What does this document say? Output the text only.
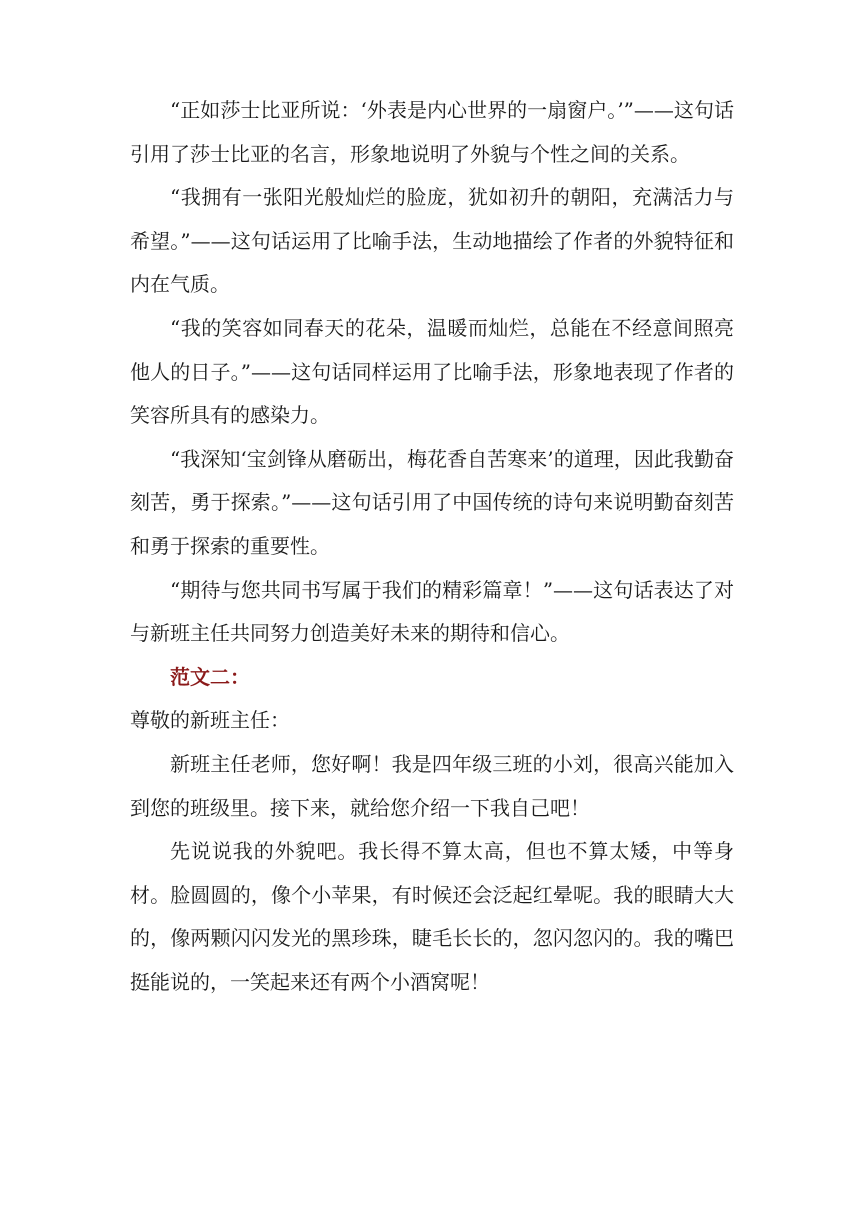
“正如莎士比亚所说：‘外表是内心世界的一扇窗户。’”——这句话引用了莎士比亚的名言，形象地说明了外貌与个性之间的关系。

“我拥有一张阳光般灿烂的脸庞，犹如初升的朝阳，充满活力与希望。”——这句话运用了比喻手法，生动地描绘了作者的外貌特征和内在气质。

“我的笑容如同春天的花朵，温暖而灿烂，总能在不经意间照亮他人的日子。”——这句话同样运用了比喻手法，形象地表现了作者的笑容所具有的感染力。

“我深知‘宝剑锋从磨砺出，梅花香自苦寒来’的道理，因此我勤奋刻苦，勇于探索。”——这句话引用了中国传统的诗句来说明勤奋刻苦和勇于探索的重要性。

“期待与您共同书写属于我们的精彩篇章！”——这句话表达了对与新班主任共同努力创造美好未来的期待和信心。

范文二：

尊敬的新班主任：

新班主任老师，您好啊！我是四年级三班的小刘，很高兴能加入到您的班级里。接下来，就给您介绍一下我自己吧！

先说说我的外貌吧。我长得不算太高，但也不算太矮，中等身材。脸圆圆的，像个小苹果，有时候还会泛起红晕呢。我的眼睛大大的，像两颗闪闪发光的黑珍珠，睫毛长长的，忽闪忽闪的。我的嘴巴挺能说的，一笑起来还有两个小酒窝呢！
